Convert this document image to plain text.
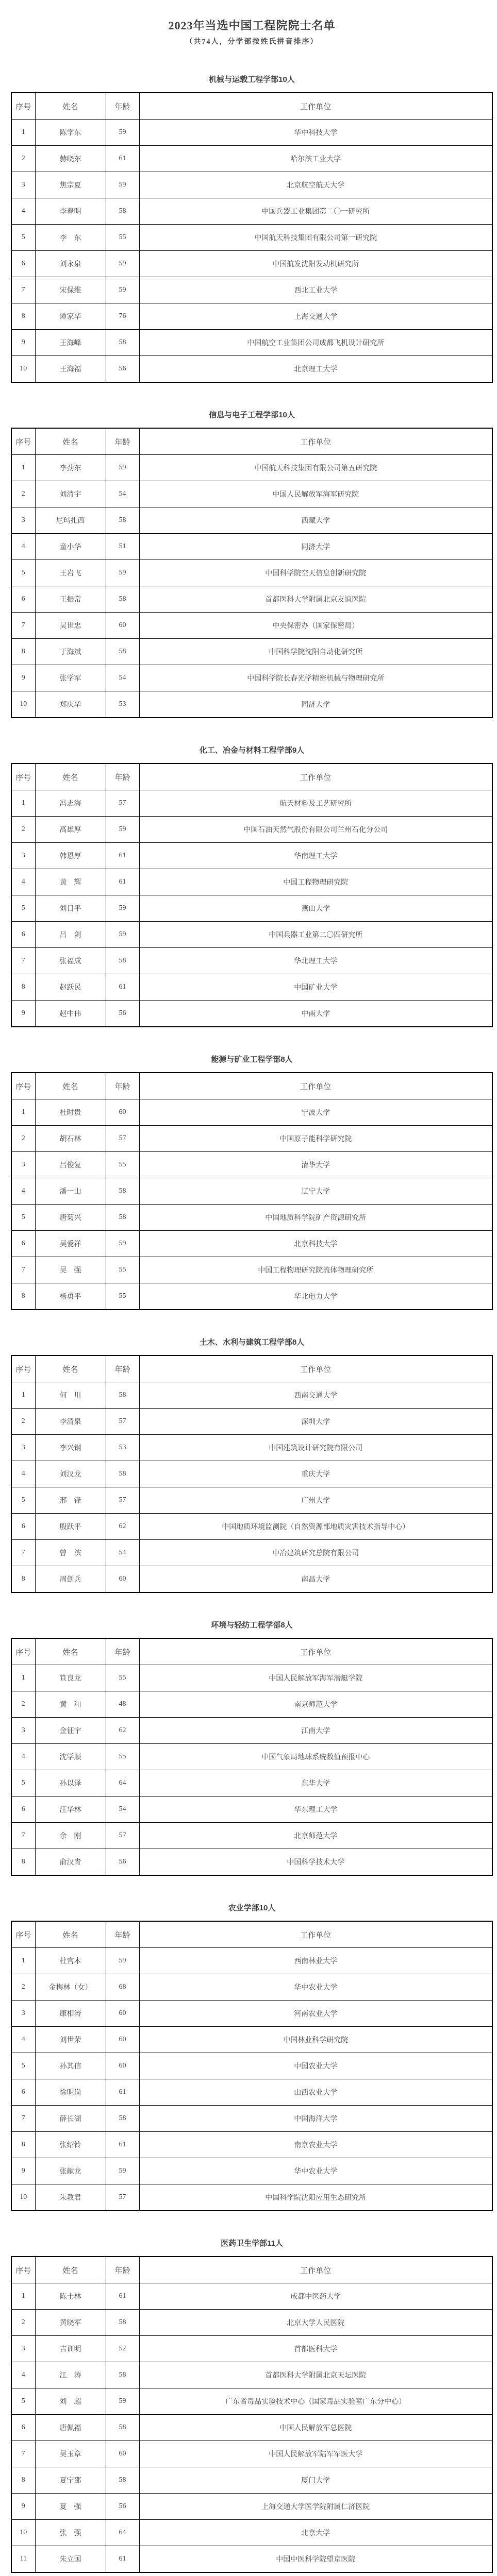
2023年当选中国工程院院士名单

（共74人，分学部按姓氏拼音排序）

机械与运载工程学部10人
序号	姓名	年龄	工作单位
1	陈学东	59	华中科技大学
2	赫晓东	61	哈尔滨工业大学
3	焦宗夏	59	北京航空航天大学
4	李春明	58	中国兵器工业集团第二〇一研究所
5	李　东	55	中国航天科技集团有限公司第一研究院
6	刘永泉	59	中国航发沈阳发动机研究所
7	宋保维	59	西北工业大学
8	谭家华	76	上海交通大学
9	王海峰	58	中国航空工业集团公司成都飞机设计研究所
10	王海福	56	北京理工大学
信息与电子工程学部10人
序号	姓名	年龄	工作单位
1	李劲东	59	中国航天科技集团有限公司第五研究院
2	刘清宇	54	中国人民解放军海军研究院
3	尼玛扎西	58	西藏大学
4	童小华	51	同济大学
5	王岩飞	59	中国科学院空天信息创新研究院
6	王振常	58	首都医科大学附属北京友谊医院
7	吴世忠	60	中央保密办（国家保密局）
8	于海斌	58	中国科学院沈阳自动化研究所
9	张学军	54	中国科学院长春光学精密机械与物理研究所
10	郑庆华	53	同济大学
化工、冶金与材料工程学部9人
序号	姓名	年龄	工作单位
1	冯志海	57	航天材料及工艺研究所
2	高雄厚	59	中国石油天然气股份有限公司兰州石化分公司
3	韩恩厚	61	华南理工大学
4	黄　辉	61	中国工程物理研究院
5	刘日平	59	燕山大学
6	吕　剑	59	中国兵器工业第二〇四研究所
7	张福成	58	华北理工大学
8	赵跃民	61	中国矿业大学
9	赵中伟	56	中南大学
能源与矿业工程学部8人
序号	姓名	年龄	工作单位
1	杜时贵	60	宁波大学
2	胡石林	57	中国原子能科学研究院
3	吕俊复	55	清华大学
4	潘一山	58	辽宁大学
5	唐菊兴	58	中国地质科学院矿产资源研究所
6	吴爱祥	59	北京科技大学
7	吴　强	55	中国工程物理研究院流体物理研究所
8	杨勇平	55	华北电力大学
土木、水利与建筑工程学部8人
序号	姓名	年龄	工作单位
1	何　川	58	西南交通大学
2	李清泉	57	深圳大学
3	李兴钢	53	中国建筑设计研究院有限公司
4	刘汉龙	58	重庆大学
5	邢　锋	57	广州大学
6	殷跃平	62	中国地质环境监测院（自然资源部地质灾害技术指导中心）
7	曾　滨	54	中冶建筑研究总院有限公司
8	周创兵	60	南昌大学
环境与轻纺工程学部8人
序号	姓名	年龄	工作单位
1	笪良龙	55	中国人民解放军海军潜艇学院
2	黄　和	48	南京师范大学
3	金征宇	62	江南大学
4	沈学顺	55	中国气象局地球系统数值预报中心
5	孙以泽	64	东华大学
6	汪华林	54	华东理工大学
7	余　刚	57	北京师范大学
8	俞汉青	56	中国科学技术大学
农业学部10人
序号	姓名	年龄	工作单位
1	杜官本	59	西南林业大学
2	金梅林（女）	68	华中农业大学
3	康相涛	60	河南农业大学
4	刘世荣	60	中国林业科学研究院
5	孙其信	60	中国农业大学
6	徐明岗	61	山西农业大学
7	薛长湖	58	中国海洋大学
8	张绍铃	61	南京农业大学
9	张献龙	59	华中农业大学
10	朱教君	57	中国科学院沈阳应用生态研究所
医药卫生学部11人
序号	姓名	年龄	工作单位
1	陈士林	61	成都中医药大学
2	黄晓军	58	北京大学人民医院
3	吉训明	52	首都医科大学
4	江　涛	58	首都医科大学附属北京天坛医院
5	刘　超	59	广东省毒品实验技术中心（国家毒品实验室广东分中心）
6	唐佩福	58	中国人民解放军总医院
7	吴玉章	60	中国人民解放军陆军军医大学
8	夏宁邵	58	厦门大学
9	夏　强	56	上海交通大学医学院附属仁济医院
10	张　强	64	北京大学
11	朱立国	61	中国中医科学院望京医院
